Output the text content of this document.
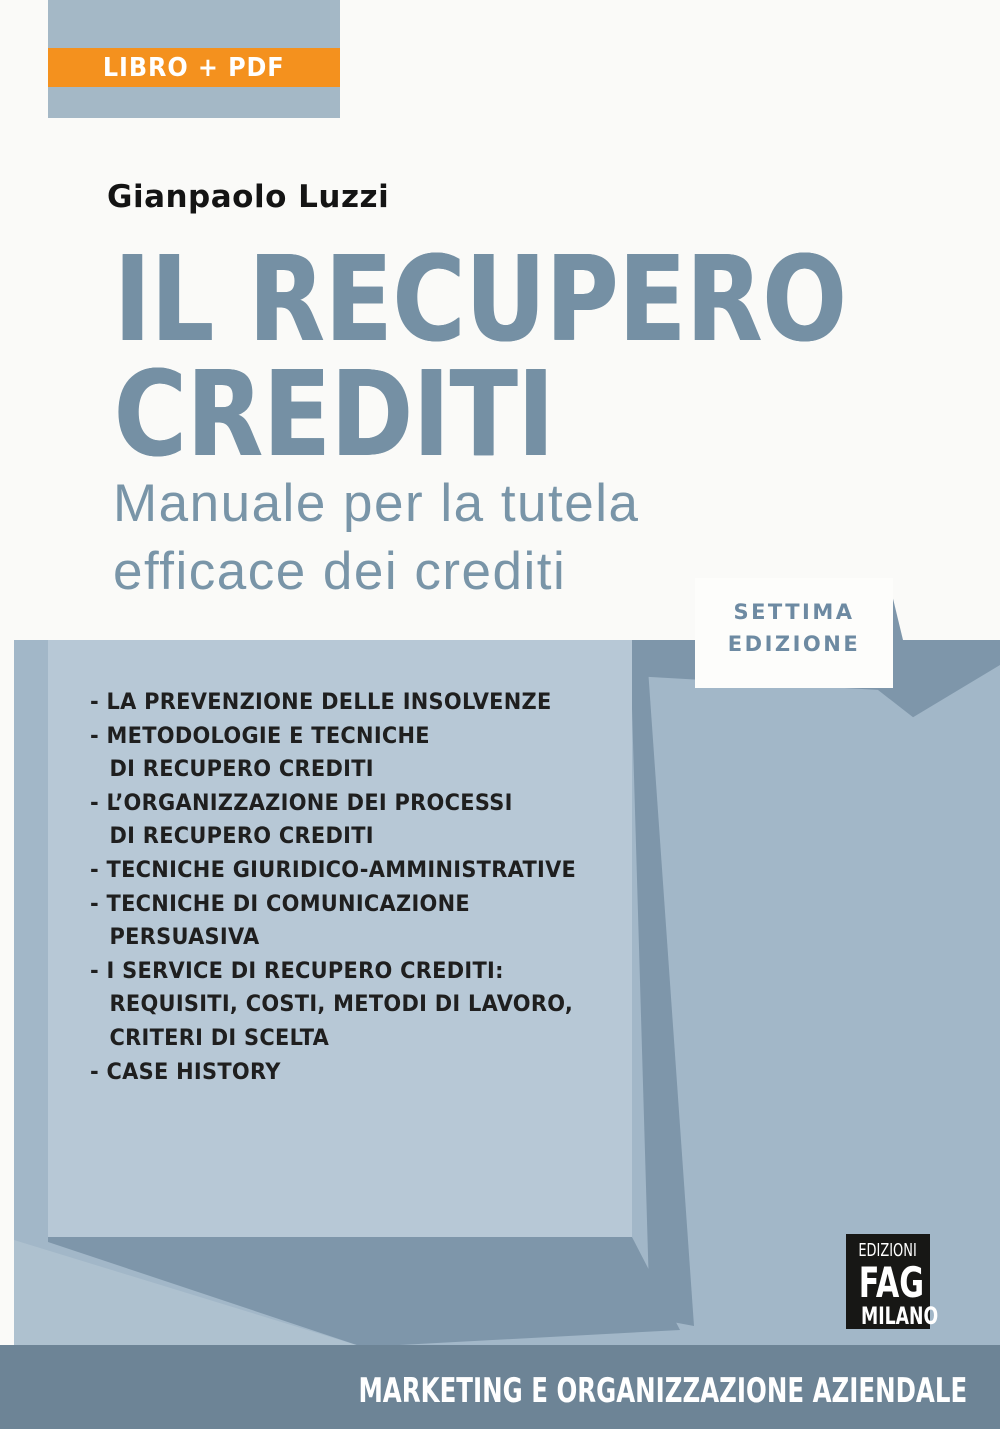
LIBRO + PDF
Gianpaolo Luzzi
IL RECUPERO
CREDITI
Manuale per la tutela
efficace dei crediti
- LA PREVENZIONE DELLE INSOLVENZE
- METODOLOGIE E TECNICHE
DI RECUPERO CREDITI
- L’ORGANIZZAZIONE DEI PROCESSI
DI RECUPERO CREDITI
- TECNICHE GIURIDICO-AMMINISTRATIVE
- TECNICHE DI COMUNICAZIONE
PERSUASIVA
- I SERVICE DI RECUPERO CREDITI:
REQUISITI, COSTI, METODI DI LAVORO,
CRITERI DI SCELTA
- CASE HISTORY
SETTIMA
EDIZIONE
EDIZIONI
FAG
MILANO
MARKETING E ORGANIZZAZIONE AZIENDALE
